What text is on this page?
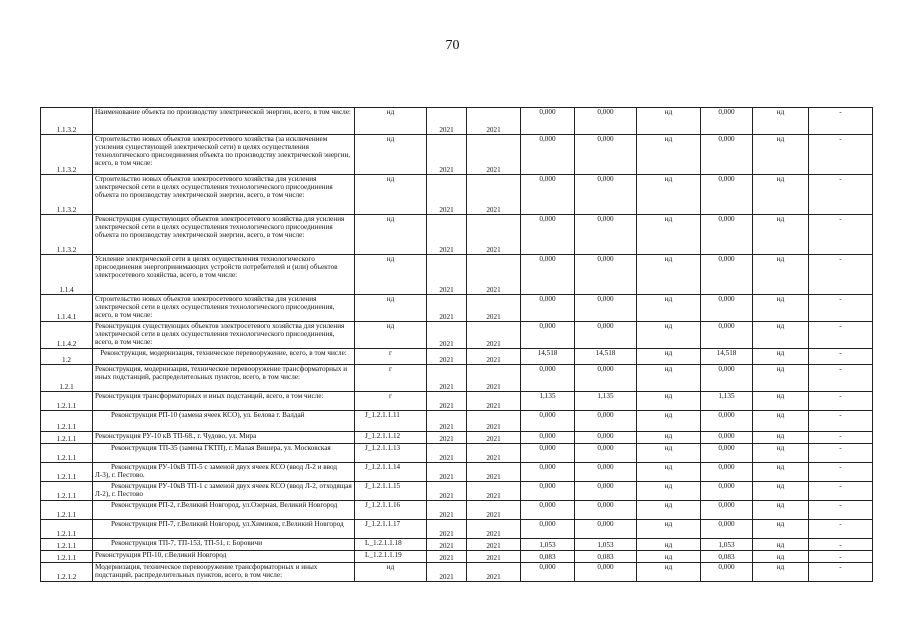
70
1.1.3.2	Наименование объекта по производству электрической энергии, всего, в том числе:	нд	2021	2021	0,000	0,000	нд	0,000	нд	-
1.1.3.2	Строительство новых объектов электросетевого хозяйства (за исключением усиления существующей электрической сети) в целях осуществления технологического присоединения объекта по производству электрической энергии, всего, в том числе:	нд	2021	2021	0,000	0,000	нд	0,000	нд	-
1.1.3.2	Строительство новых объектов электросетевого хозяйства для усиления электрической сети в целях осуществления технологического присоединения объекта по производству электрической энергии, всего, в том числе:	нд	2021	2021	0,000	0,000	нд	0,000	нд	-
1.1.3.2	Реконструкция существующих объектов электросетевого хозяйства для усиления электрической сети в целях осуществления технологического присоединения объекта по производству электрической энергии, всего, в том числе:	нд	2021	2021	0,000	0,000	нд	0,000	нд	-
1.1.4	Усиление электрической сети в целях осуществления технологического присоединения энергопринимающих устройств потребителей и (или) объектов электросетевого хозяйства, всего, в том числе:	нд	2021	2021	0,000	0,000	нд	0,000	нд	-
1.1.4.1	Строительство новых объектов электросетевого хозяйства для усиления электрической сети в целях осуществления технологического присоединения, всего, в том числе:	нд	2021	2021	0,000	0,000	нд	0,000	нд	-
1.1.4.2	Реконструкция существующих объектов электросетевого хозяйства для усиления электрической сети в целях осуществления технологического присоединения, всего, в том числе:	нд	2021	2021	0,000	0,000	нд	0,000	нд	-
1.2	Реконструкция, модернизация, техническое перевооружение, всего, в том числе:	г	2021	2021	14,518	14,518	нд	14,518	нд	-
1.2.1	Реконструкция, модернизация, техническое перевооружение трансформаторных и иных подстанций, распределительных пунктов, всего, в том числе:	г	2021	2021	0,000	0,000	нд	0,000	нд	-
1.2.1.1	Реконструкция трансформаторных и иных подстанций, всего, в том числе:	г	2021	2021	1,135	1,135	нд	1,135	нд	-
1.2.1.1	Реконструкция РП-10 (замена ячеек КСО), ул. Белова г. Валдай	J_1.2.1.1.11	2021	2021	0,000	0,000	нд	0,000	нд	-
1.2.1.1	Реконструкция РУ-10 кВ ТП-68., г. Чудово, ул. Мира	J_1.2.1.1.12	2021	2021	0,000	0,000	нд	0,000	нд	-
1.2.1.1	Реконструкция ТП-35 (замена ГКТП), г. Малая Вишера, ул. Московская	J_1.2.1.1.13	2021	2021	0,000	0,000	нд	0,000	нд	-
1.2.1.1	Реконструкция РУ-10кВ ТП-5 с заменой двух ячеек КСО (ввод Л-2 и ввод Л-3), г. Пестово.	J_1.2.1.1.14	2021	2021	0,000	0,000	нд	0,000	нд	-
1.2.1.1	Реконструкция РУ-10кВ ТП-1 с заменой двух ячеек КСО (ввод Л-2, отходящая Л-2), г. Пестово	J_1.2.1.1.15	2021	2021	0,000	0,000	нд	0,000	нд	-
1.2.1.1	Реконструкция РП-2, г.Великий Новгород, ул.Озерная, Великий Новгород	J_1.2.1.1.16	2021	2021	0,000	0,000	нд	0,000	нд	-
1.2.1.1	Реконструкция РП-7, г.Великий Новгород, ул.Химиков, г.Великий Новгород	J_1.2.1.1.17	2021	2021	0,000	0,000	нд	0,000	нд	-
1.2.1.1	Реконструкция ТП-7, ТП-153, ТП-51, г. Боровичи	L_1.2.1.1.18	2021	2021	1,053	1,053	нд	1,053	нд	-
1.2.1.1	Реконструкция РП-10, г.Великий Новгород	L_1.2.1.1.19	2021	2021	0,083	0,083	нд	0,083	нд	-
1.2.1.2	Модернизация, техническое перевооружение трансформаторных и иных подстанций, распределительных пунктов, всего, в том числе:	нд	2021	2021	0,000	0,000	нд	0,000	нд	-
